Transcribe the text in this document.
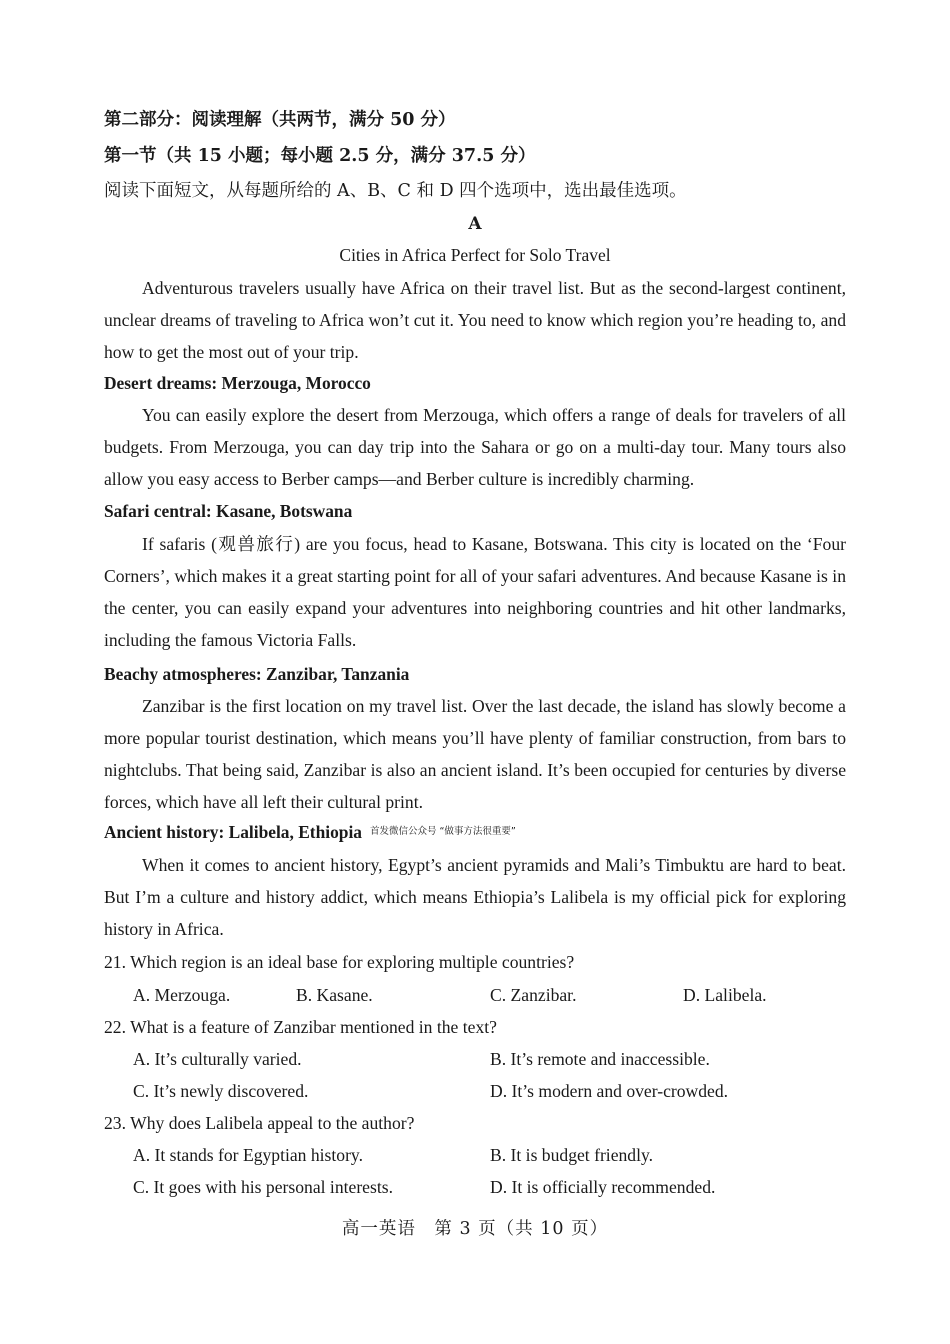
第二部分：阅读理解（共两节，满分 50 分）
第一节（共 15 小题；每小题 2.5 分，满分 37.5 分）
阅读下面短文，从每题所给的 A、B、C 和 D 四个选项中，选出最佳选项。
A
Cities in Africa Perfect for Solo Travel
Adventurous travelers usually have Africa on their travel list. But as the second-largest continent, unclear dreams of traveling to Africa won’t cut it. You need to know which region you’re heading to, and how to get the most out of your trip.
Desert dreams: Merzouga, Morocco
You can easily explore the desert from Merzouga, which offers a range of deals for travelers of all budgets. From Merzouga, you can day trip into the Sahara or go on a multi-day tour. Many tours also allow you easy access to Berber camps—and Berber culture is incredibly charming.
Safari central: Kasane, Botswana
If safaris (观兽旅行) are you focus, head to Kasane, Botswana. This city is located on the ‘Four Corners’, which makes it a great starting point for all of your safari adventures. And because Kasane is in the center, you can easily expand your adventures into neighboring countries and hit other landmarks, including the famous Victoria Falls.
Beachy atmospheres: Zanzibar, Tanzania
Zanzibar is the first location on my travel list. Over the last decade, the island has slowly become a more popular tourist destination, which means you’ll have plenty of familiar construction, from bars to nightclubs. That being said, Zanzibar is also an ancient island. It’s been occupied for centuries by diverse forces, which have all left their cultural print.
Ancient history: Lalibela, Ethiopia $^{首发微信公众号 “做事方法很重要”}$
When it comes to ancient history, Egypt’s ancient pyramids and Mali’s Timbuktu are hard to beat. But I’m a culture and history addict, which means Ethiopia’s Lalibela is my official pick for exploring history in Africa.
21. Which region is an ideal base for exploring multiple countries?
A. Merzouga.	B. Kasane.	C. Zanzibar.	D. Lalibela.
22. What is a feature of Zanzibar mentioned in the text?
A. It’s culturally varied.	B. It’s remote and inaccessible.
C. It’s newly discovered.	D. It’s modern and over-crowded.
23. Why does Lalibela appeal to the author?
A. It stands for Egyptian history.	B. It is budget friendly.
C. It goes with his personal interests.	D. It is officially recommended.
高一英语　第 3 页（共 10 页）
